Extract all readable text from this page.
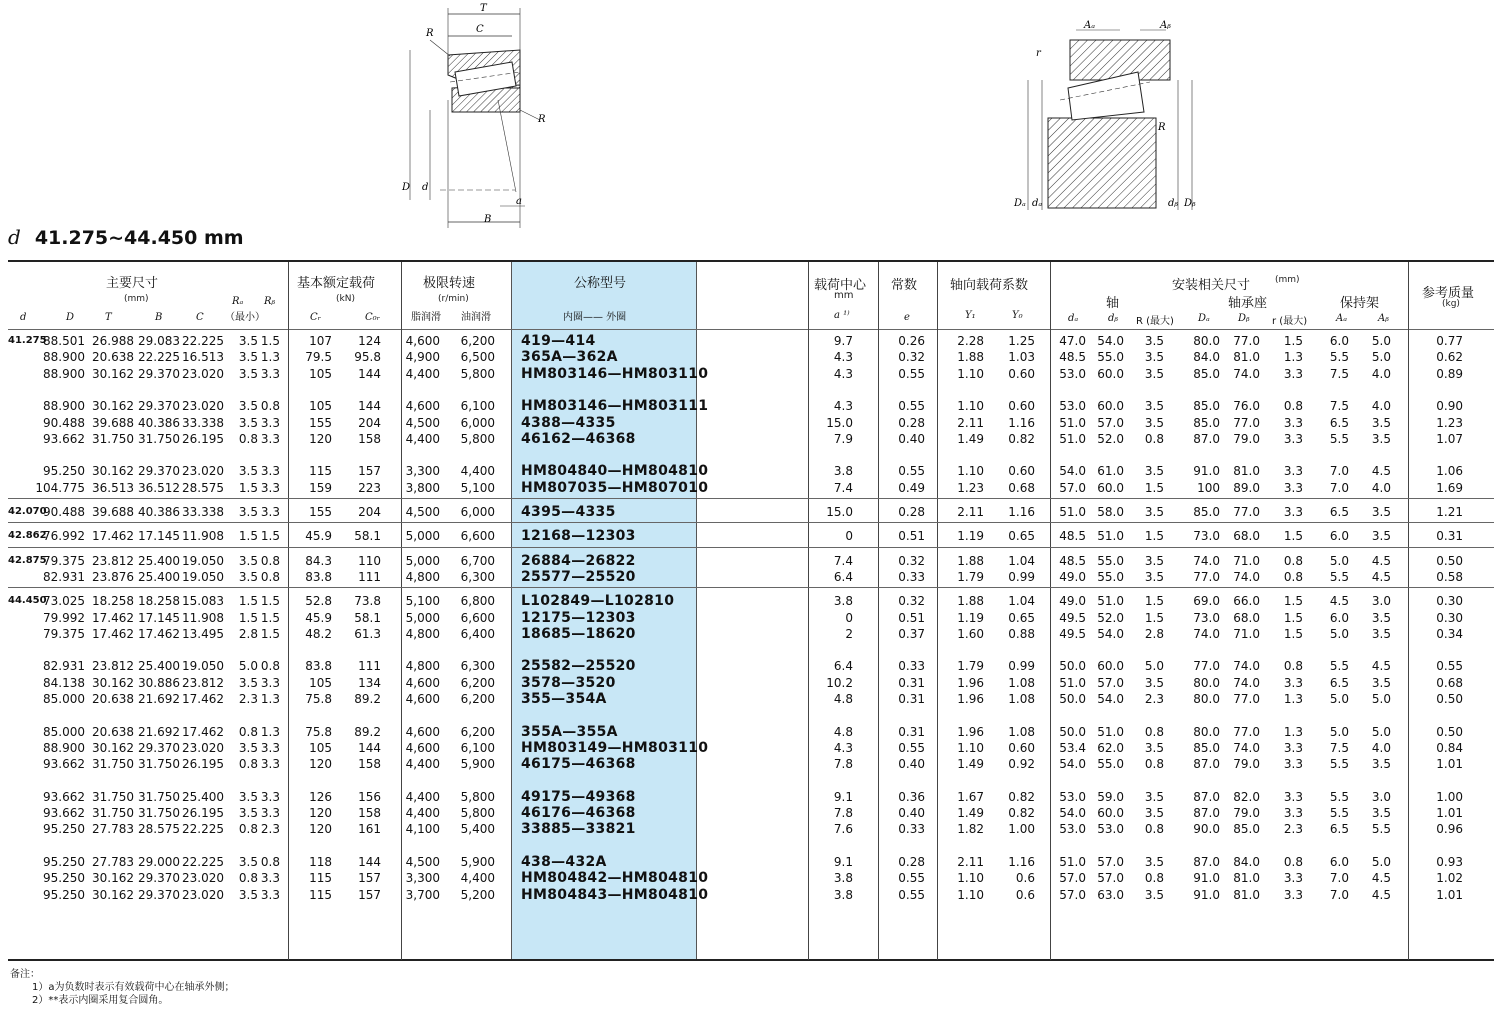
T
C
R
R
D d
a
B
Aₐ	Aᵦ
r
R
Dₐ dₐ	dᵦ Dᵦ
d 41.275~44.450 mm
主要尺寸
(mm)
基本额定载荷
(kN)
极限转速
(r/min)
脂润滑 油润滑
公称型号
内圈—— 外圈
载荷中心
mm
常数	轴向载荷系数	安装相关尺寸	(mm)
轴	轴承座	保持架
参考质量
(kg)
d	D	T	B	C
Rₐ Rᵦ
（最小）	Cᵣ	C₀ᵣ	a ¹⁾	e	Y₁	Y₀	dₐ	dᵦ R (最大) Dₐ	Dᵦ r (最大)	Aₐ	Aᵦ
41.275
88.501 26.988 29.083 22.225 3.5 1.5 107 124 4,600 6,200 419—414	9.7	0.26	2.28 1.25 47.0 54.0 3.5 80.0 77.0 1.5 6.0 5.0	0.77
88.900 20.638 22.225 16.513 3.5 1.3 79.5 95.8 4,900 6,500 365A—362A	4.3	0.32	1.88 1.03 48.5 55.0 3.5 84.0 81.0 1.3 5.5 5.0	0.62
88.900 30.162 29.370 23.020 3.5 3.3 105 144 4,400 5,800 HM803146—HM803110	4.3	0.55	1.10 0.60 53.0 60.0 3.5 85.0 74.0 3.3 7.5 4.0	0.89
88.900 30.162 29.370 23.020 3.5 0.8 105 144 4,600 6,100 HM803146—HM803111	4.3	0.55	1.10 0.60 53.0 60.0 3.5 85.0 76.0 0.8 7.5 4.0	0.90
90.488 39.688 40.386 33.338 3.5 3.3 155 204 4,500 6,000 4388—4335	15.0	0.28	2.11 1.16 51.0 57.0 3.5 85.0 77.0 3.3 6.5 3.5	1.23
93.662 31.750 31.750 26.195 0.8 3.3 120 158 4,400 5,800 46162—46368	7.9	0.40	1.49 0.82 51.0 52.0 0.8 87.0 79.0 3.3 5.5 3.5	1.07
95.250 30.162 29.370 23.020 3.5 3.3 115 157 3,300 4,400 HM804840—HM804810	3.8	0.55	1.10 0.60 54.0 61.0 3.5 91.0 81.0 3.3 7.0 4.5	1.06
104.775 36.513 36.512 28.575 1.5 3.3 159 223 3,800 5,100 HM807035—HM807010	7.4	0.49	1.23 0.68 57.0 60.0 1.5	100 89.0 3.3 7.0 4.0	1.69
42.070
90.488 39.688 40.386 33.338 3.5 3.3 155 204 4,500 6,000 4395—4335	15.0	0.28	2.11 1.16 51.0 58.0 3.5 85.0 77.0 3.3 6.5 3.5	1.21
42.862
76.992 17.462 17.145 11.908 1.5 1.5 45.9 58.1 5,000 6,600 12168—12303	0	0.51	1.19 0.65 48.5 51.0 1.5 73.0 68.0 1.5 6.0 3.5	0.31
42.875
79.375 23.812 25.400 19.050 3.5 0.8 84.3 110 5,000 6,700 26884—26822	7.4	0.32	1.88 1.04 48.5 55.0 3.5 74.0 71.0 0.8 5.0 4.5	0.50
82.931 23.876 25.400 19.050 3.5 0.8 83.8 111 4,800 6,300 25577—25520	6.4	0.33	1.79 0.99 49.0 55.0 3.5 77.0 74.0 0.8 5.5 4.5	0.58
44.450
73.025 18.258 18.258 15.083 1.5 1.5 52.8 73.8 5,100 6,800 L102849—L102810	3.8	0.32	1.88 1.04 49.0 51.0 1.5 69.0 66.0 1.5 4.5 3.0	0.30
79.992 17.462 17.145 11.908 1.5 1.5 45.9 58.1 5,000 6,600 12175—12303	0	0.51	1.19 0.65 49.5 52.0 1.5 73.0 68.0 1.5 6.0 3.5	0.30
79.375 17.462 17.462 13.495 2.8 1.5 48.2 61.3 4,800 6,400 18685—18620	2	0.37	1.60 0.88 49.5 54.0 2.8 74.0 71.0 1.5 5.0 3.5	0.34
82.931 23.812 25.400 19.050 5.0 0.8 83.8 111 4,800 6,300 25582—25520	6.4	0.33	1.79 0.99 50.0 60.0 5.0 77.0 74.0 0.8 5.5 4.5	0.55
84.138 30.162 30.886 23.812 3.5 3.3 105 134 4,600 6,200 3578—3520	10.2	0.31	1.96 1.08 51.0 57.0 3.5 80.0 74.0 3.3 6.5 3.5	0.68
85.000 20.638 21.692 17.462 2.3 1.3 75.8 89.2 4,600 6,200 355—354A	4.8	0.31	1.96 1.08 50.0 54.0 2.3 80.0 77.0 1.3 5.0 5.0	0.50
85.000 20.638 21.692 17.462 0.8 1.3 75.8 89.2 4,600 6,200 355A—355A	4.8	0.31	1.96 1.08 50.0 51.0 0.8 80.0 77.0 1.3 5.0 5.0	0.50
88.900 30.162 29.370 23.020 3.5 3.3 105 144 4,600 6,100 HM803149—HM803110	4.3	0.55	1.10 0.60 53.4 62.0 3.5 85.0 74.0 3.3 7.5 4.0	0.84
93.662 31.750 31.750 26.195 0.8 3.3 120 158 4,400 5,900 46175—46368	7.8	0.40	1.49 0.92 54.0 55.0 0.8 87.0 79.0 3.3 5.5 3.5	1.01
93.662 31.750 31.750 25.400 3.5 3.3 126 156 4,400 5,800 49175—49368	9.1	0.36	1.67 0.82 53.0 59.0 3.5 87.0 82.0 3.3 5.5 3.0	1.00
93.662 31.750 31.750 26.195 3.5 3.3 120 158 4,400 5,800 46176—46368	7.8	0.40	1.49 0.82 54.0 60.0 3.5 87.0 79.0 3.3 5.5 3.5	1.01
95.250 27.783 28.575 22.225 0.8 2.3 120 161 4,100 5,400 33885—33821	7.6	0.33	1.82 1.00 53.0 53.0 0.8 90.0 85.0 2.3 6.5 5.5	0.96
95.250 27.783 29.000 22.225 3.5 0.8 118 144 4,500 5,900 438—432A	9.1	0.28	2.11 1.16 51.0 57.0 3.5 87.0 84.0 0.8 6.0 5.0	0.93
95.250 30.162 29.370 23.020 0.8 3.3 115 157 3,300 4,400 HM804842—HM804810	3.8	0.55	1.10	0.6 57.0 57.0 0.8 91.0 81.0 3.3 7.0 4.5	1.02
95.250 30.162 29.370 23.020 3.5 3.3 115 157 3,700 5,200 HM804843—HM804810	3.8	0.55	1.10	0.6 57.0 63.0 3.5 91.0 81.0 3.3 7.0 4.5	1.01
备注：
1）a为负数时表示有效载荷中心在轴承外侧；
2）**表示内圈采用复合圆角。
